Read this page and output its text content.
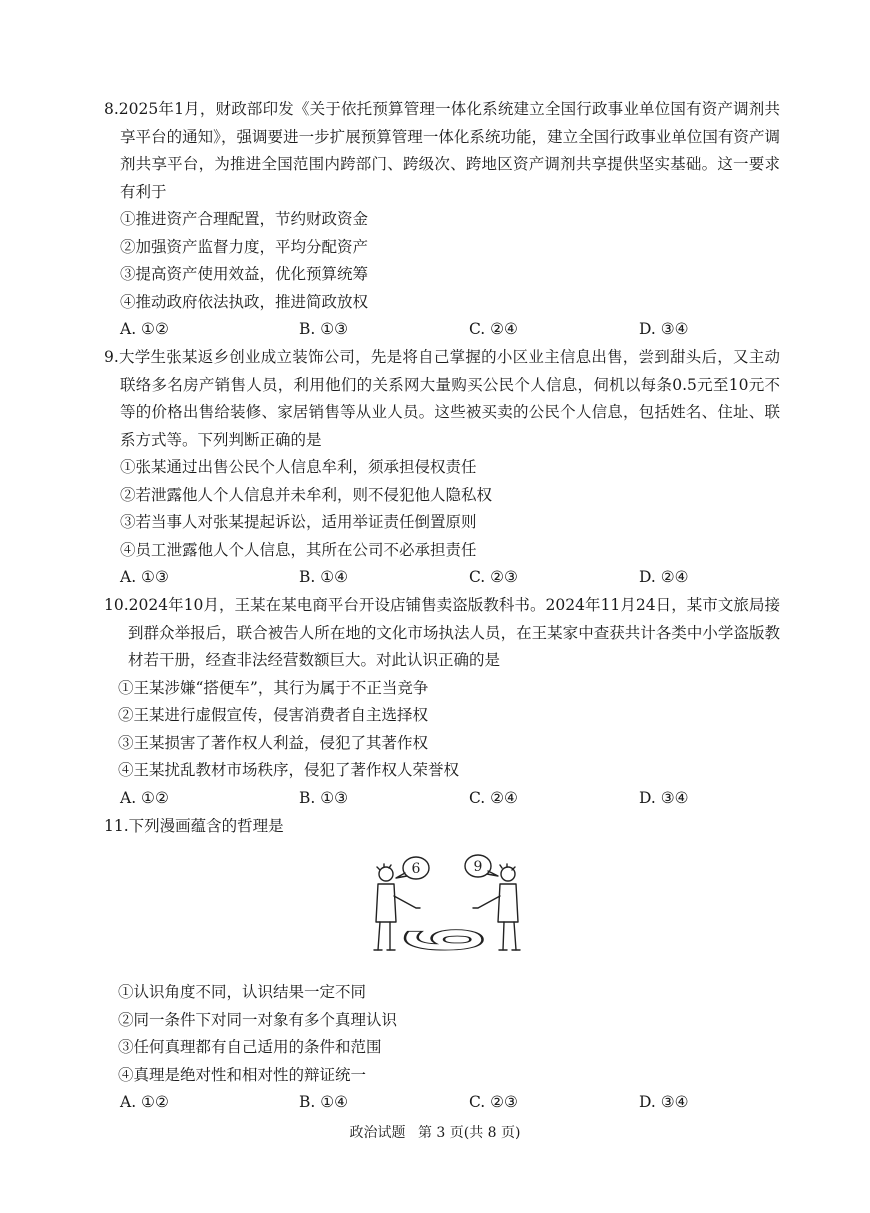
8.2025年1月，财政部印发《关于依托预算管理一体化系统建立全国行政事业单位国有资产调剂共享平台的通知》，强调要进一步扩展预算管理一体化系统功能，建立全国行政事业单位国有资产调剂共享平台，为推进全国范围内跨部门、跨级次、跨地区资产调剂共享提供坚实基础。这一要求有利于
①推进资产合理配置，节约财政资金
②加强资产监督力度，平均分配资产
③提高资产使用效益，优化预算统筹
④推动政府依法执政，推进简政放权
A. ①②	B. ①③	C. ②④	D. ③④
9.大学生张某返乡创业成立装饰公司，先是将自己掌握的小区业主信息出售，尝到甜头后，又主动联络多名房产销售人员，利用他们的关系网大量购买公民个人信息，伺机以每条0.5元至10元不等的价格出售给装修、家居销售等从业人员。这些被买卖的公民个人信息，包括姓名、住址、联系方式等。下列判断正确的是
①张某通过出售公民个人信息牟利，须承担侵权责任
②若泄露他人个人信息并未牟利，则不侵犯他人隐私权
③若当事人对张某提起诉讼，适用举证责任倒置原则
④员工泄露他人个人信息，其所在公司不必承担责任
A. ①③	B. ①④	C. ②③	D. ②④
10.2024年10月，王某在某电商平台开设店铺售卖盗版教科书。2024年11月24日，某市文旅局接到群众举报后，联合被告人所在地的文化市场执法人员，在王某家中查获共计各类中小学盗版教材若干册，经查非法经营数额巨大。对此认识正确的是
①王某涉嫌“搭便车”，其行为属于不正当竞争
②王某进行虚假宣传，侵害消费者自主选择权
③王某损害了著作权人利益，侵犯了其著作权
④王某扰乱教材市场秩序，侵犯了著作权人荣誉权
A. ①②	B. ①③	C. ②④	D. ③④
11.下列漫画蕴含的哲理是
6	9
6
①认识角度不同，认识结果一定不同
②同一条件下对同一对象有多个真理认识
③任何真理都有自己适用的条件和范围
④真理是绝对性和相对性的辩证统一
A. ①②	B. ①④	C. ②③	D. ③④
政治试题 第 3 页(共 8 页)
